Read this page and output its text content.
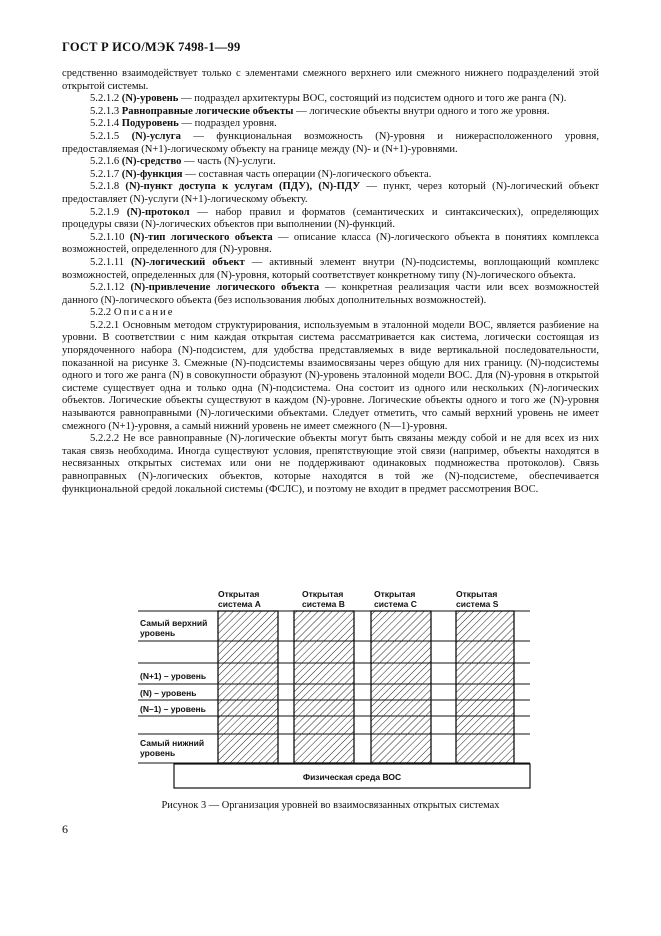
ГОСТ Р ИСО/МЭК 7498-1—99

средственно взаимодействует только с элементами смежного верхнего или смежного нижнего подразделений этой открытой системы.

5.2.1.2 (N)-уровень — подраздел архитектуры ВОС, состоящий из подсистем одного и того же ранга (N).

5.2.1.3 Равноправные логические объекты — логические объекты внутри одного и того же уровня.

5.2.1.4 Подуровень — подраздел уровня.

5.2.1.5 (N)-услуга — функциональная возможность (N)-уровня и нижерасположенного уровня, предоставляемая (N+1)-логическому объекту на границе между (N)- и (N+1)-уровнями.

5.2.1.6 (N)-средство — часть (N)-услуги.

5.2.1.7 (N)-функция — составная часть операции (N)-логического объекта.

5.2.1.8 (N)-пункт доступа к услугам (ПДУ), (N)-ПДУ — пункт, через который (N)-логический объект предоставляет (N)-услуги (N+1)-логическому объекту.

5.2.1.9 (N)-протокол — набор правил и форматов (семантических и синтаксических), определяющих процедуры связи (N)-логических объектов при выполнении (N)-функций.

5.2.1.10 (N)-тип логического объекта — описание класса (N)-логического объекта в понятиях комплекса возможностей, определенного для (N)-уровня.

5.2.1.11 (N)-логический объект — активный элемент внутри (N)-подсистемы, воплощающий комплекс возможностей, определенных для (N)-уровня, который соответствует конкретному типу (N)-логического объекта.

5.2.1.12 (N)-привлечение логического объекта — конкретная реализация части или всех возможностей данного (N)-логического объекта (без использования любых дополнительных возможностей).

5.2.2 Описание

5.2.2.1 Основным методом структурирования, используемым в эталонной модели ВОС, является разбиение на уровни. В соответствии с ним каждая открытая система рассматривается как система, логически состоящая из упорядоченного набора (N)-подсистем, для удобства представляемых в виде вертикальной последовательности, показанной на рисунке 3. Смежные (N)-подсистемы взаимосвязаны через общую для них границу. (N)-подсистемы одного и того же ранга (N) в совокупности образуют (N)-уровень эталонной модели ВОС. Для (N)-уровня в открытой системе существует одна и только одна (N)-подсистема. Она состоит из одного или нескольких (N)-логических объектов. Логические объекты существуют в каждом (N)-уровне. Логические объекты одного и того же (N)-уровня называются равноправными (N)-логическими объектами. Следует отметить, что самый верхний уровень не имеет смежного (N+1)-уровня, а самый нижний уровень не имеет смежного (N—1)-уровня.

5.2.2.2 Не все равноправные (N)-логические объекты могут быть связаны между собой и не для всех из них такая связь необходима. Иногда существуют условия, препятствующие этой связи (например, объекты находятся в несвязанных открытых системах или они не поддерживают одинаковых подмножества протоколов). Связь равноправных (N)-логических объектов, которые находятся в той же (N)-подсистеме, обеспечивается функциональной средой локальной системы (ФСЛС), и поэтому не входит в предмет рассмотрения ВОС.

Открытая система А
Открытая система В
Открытая система С
Открытая система S
Самый верхний уровень
(N+1) – уровень
(N) – уровень
(N–1) – уровень
Самый нижний уровень
Физическая среда ВОС
Рисунок 3 — Организация уровней во взаимосвязанных открытых системах
6
